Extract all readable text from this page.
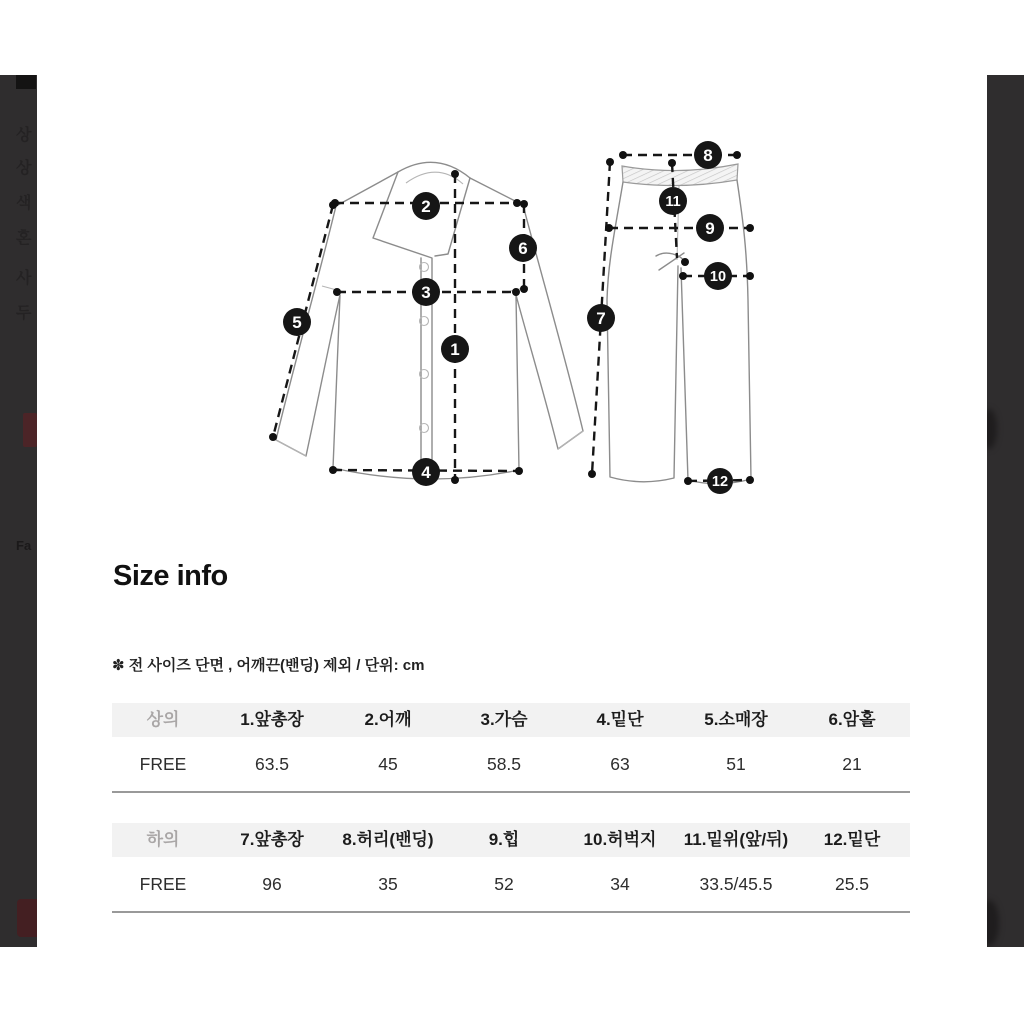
상
상
색
혼
사
두
Fa
1
2
3
4
5
6
7
8
9
10
11
12
Size info

✽ 전 사이즈 단면 , 어깨끈(밴딩) 제외 / 단위: cm

상의	1.앞총장	2.어깨	3.가슴	4.밑단	5.소매장	6.암홀
FREE	63.5	45	58.5	63	51	21
하의	7.앞총장	8.허리(밴딩)	9.힙	10.허벅지	11.밑위(앞/뒤)	12.밑단
FREE	96	35	52	34	33.5/45.5	25.5
